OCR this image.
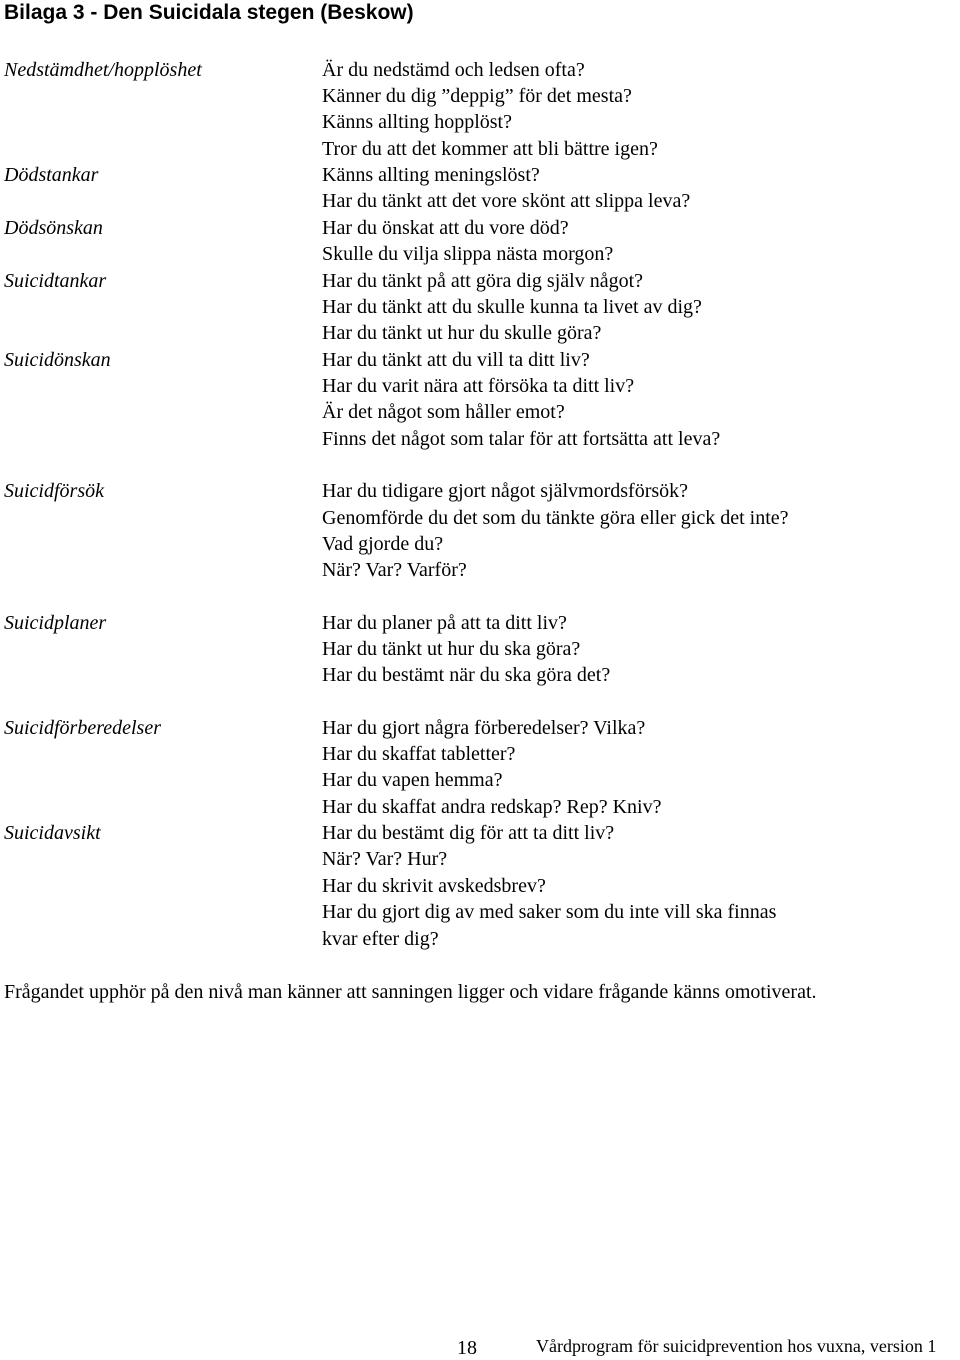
Bilaga 3 - Den Suicidala stegen (Beskow)
Nedstämdhet/hopplöshet
Dödstankar
Dödsönskan
Suicidtankar
Suicidönskan
Suicidförsök
Suicidplaner
Suicidförberedelser
Suicidavsikt
Är du nedstämd och ledsen ofta?
Känner du dig ”deppig” för det mesta?
Känns allting hopplöst?
Tror du att det kommer att bli bättre igen?
Känns allting meningslöst?
Har du tänkt att det vore skönt att slippa leva?
Har du önskat att du vore död?
Skulle du vilja slippa nästa morgon?
Har du tänkt på att göra dig själv något?
Har du tänkt att du skulle kunna ta livet av dig?
Har du tänkt ut hur du skulle göra?
Har du tänkt att du vill ta ditt liv?
Har du varit nära att försöka ta ditt liv?
Är det något som håller emot?
Finns det något som talar för att fortsätta att leva?
Har du tidigare gjort något självmordsförsök?
Genomförde du det som du tänkte göra eller gick det inte?
Vad gjorde du?
När? Var? Varför?
Har du planer på att ta ditt liv?
Har du tänkt ut hur du ska göra?
Har du bestämt när du ska göra det?
Har du gjort några förberedelser? Vilka?
Har du skaffat tabletter?
Har du vapen hemma?
Har du skaffat andra redskap? Rep? Kniv?
Har du bestämt dig för att ta ditt liv?
När? Var? Hur?
Har du skrivit avskedsbrev?
Har du gjort dig av med saker som du inte vill ska finnas
kvar efter dig?
Frågandet upphör på den nivå man känner att sanningen ligger och vidare frågande känns omotiverat.
18	Vårdprogram för suicidprevention hos vuxna, version 1
